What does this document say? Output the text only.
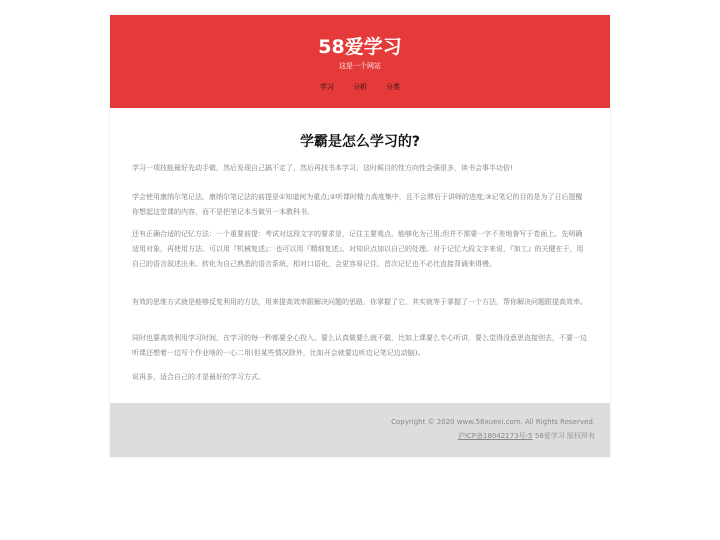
58爱学习
这是一个网站
学习	分析	分类
学霸是怎么学习的?

学习一项技能最好先动手做，然后发现自己搞不定了，然后再找书本学习，这时候目的性方向性会强很多，读书会事半功倍!

学会使用康纳尔笔记法，康纳尔笔记法的前提是①知道何为重点;②听课时精力高度集中，且不会滞后于讲师的进度;③记笔记的目的是为了日后提醒你想起这堂课的内容，而不是把笔记本当做另一本教科书。

还有正确合适的记忆方法：一个重要前提：考试对这段文字的要求是，记住主要观点，能够化为己用;但并不需要一字不差地誊写于卷面上。先明确适用对象，再使用方法。可以用『机械复述』：也可以用『精细复述』，对知识点加以自己的处理。对于记忆大段文字来说，『加工』的关键在于，用自己的语言叙述出来。转化为自己熟悉的语言系统，相对口语化，会更容易记住，首次记忆也不必比直接背诵来得慢。

有效的思维方式就是能够反复利用的方法，用来提高效率跟解决问题的思路，你掌握了它，其实就等于掌握了一个方法，帮你解决问题跟提高效率。

同时也要高效利用学习时间，在学习的每一秒都要全心投入，要么认真做要么就不做，比如上课要么专心听讲，要么觉得没意思直接别去，不要一边听课还想着一边写个作业啥的一心二用(但某些情况除外，比如开会就要边听边记笔记边动脑)。

说再多，适合自己的才是最好的学习方式。

Copyright © 2020 www.58xuexi.com. All Rights Reserved.
沪ICP备18042173号-5 58爱学习 版权所有
